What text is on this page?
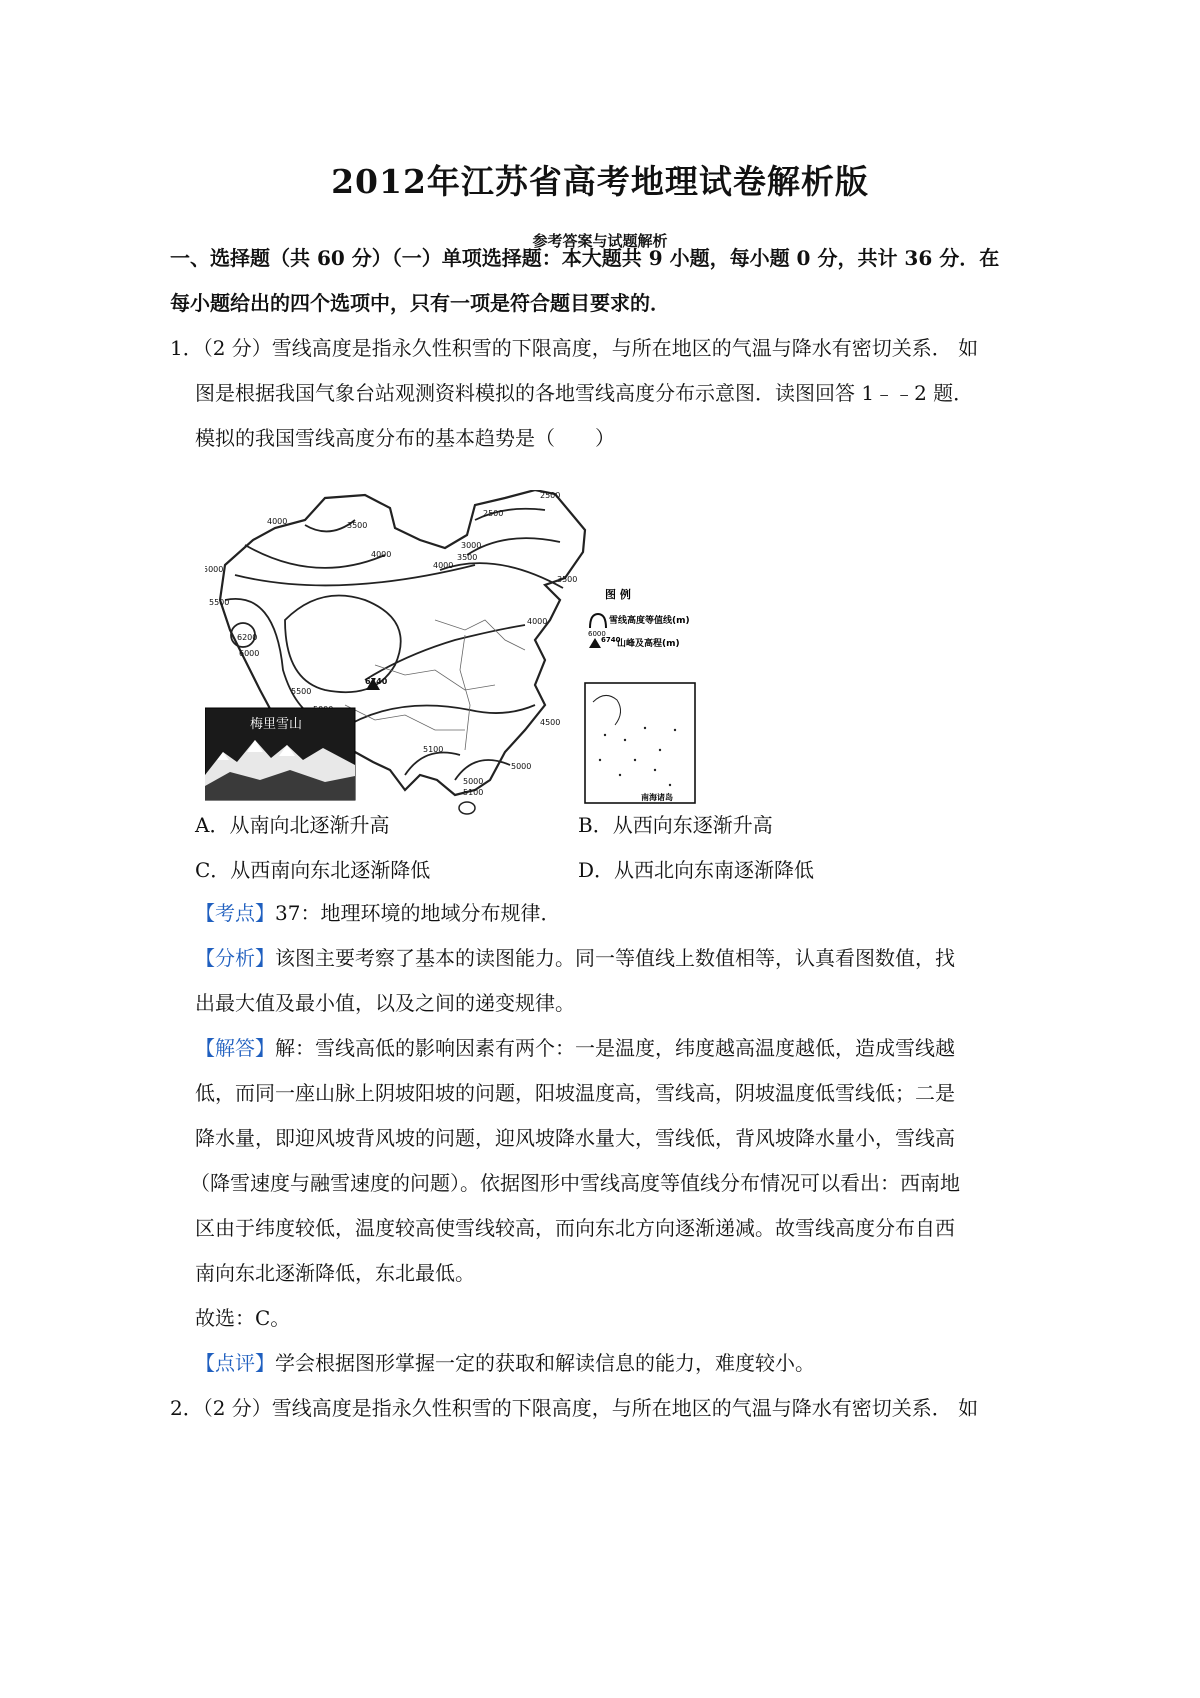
2012年江苏省高考地理试卷解析版
参考答案与试题解析
一、选择题（共 60 分）（一）单项选择题：本大题共 9 小题，每小题 0 分，共计 36 分．在
每小题给出的四个选项中，只有一项是符合题目要求的．
1．（2 分）雪线高度是指永久性积雪的下限高度，与所在地区的气温与降水有密切关系． 如
图是根据我国气象台站观测资料模拟的各地雪线高度分布示意图．读图回答 1﹣﹣2 题．
模拟的我国雪线高度分布的基本趋势是（　　）
2500
2500
3000
3500
4000
4000	3500
4000
3500
5000
5500
6200
6000
5500
6740
4000
4500
5100
5000
5000
5100
图 例
雪线高度等值线(m)
6000
6740
山峰及高程(m)
梅里雪山
南海诸岛
A．从南向北逐渐升高	B．从西向东逐渐升高
C．从西南向东北逐渐降低	D．从西北向东南逐渐降低
【考点】37：地理环境的地域分布规律．
【分析】该图主要考察了基本的读图能力。同一等值线上数值相等，认真看图数值，找
出最大值及最小值，以及之间的递变规律。
【解答】解：雪线高低的影响因素有两个：一是温度，纬度越高温度越低，造成雪线越
低，而同一座山脉上阴坡阳坡的问题，阳坡温度高，雪线高，阴坡温度低雪线低；二是
降水量，即迎风坡背风坡的问题，迎风坡降水量大，雪线低，背风坡降水量小，雪线高
（降雪速度与融雪速度的问题）。依据图形中雪线高度等值线分布情况可以看出：西南地
区由于纬度较低，温度较高使雪线较高，而向东北方向逐渐递减。故雪线高度分布自西
南向东北逐渐降低，东北最低。
故选：C。
【点评】学会根据图形掌握一定的获取和解读信息的能力，难度较小。
2．（2 分）雪线高度是指永久性积雪的下限高度，与所在地区的气温与降水有密切关系． 如
